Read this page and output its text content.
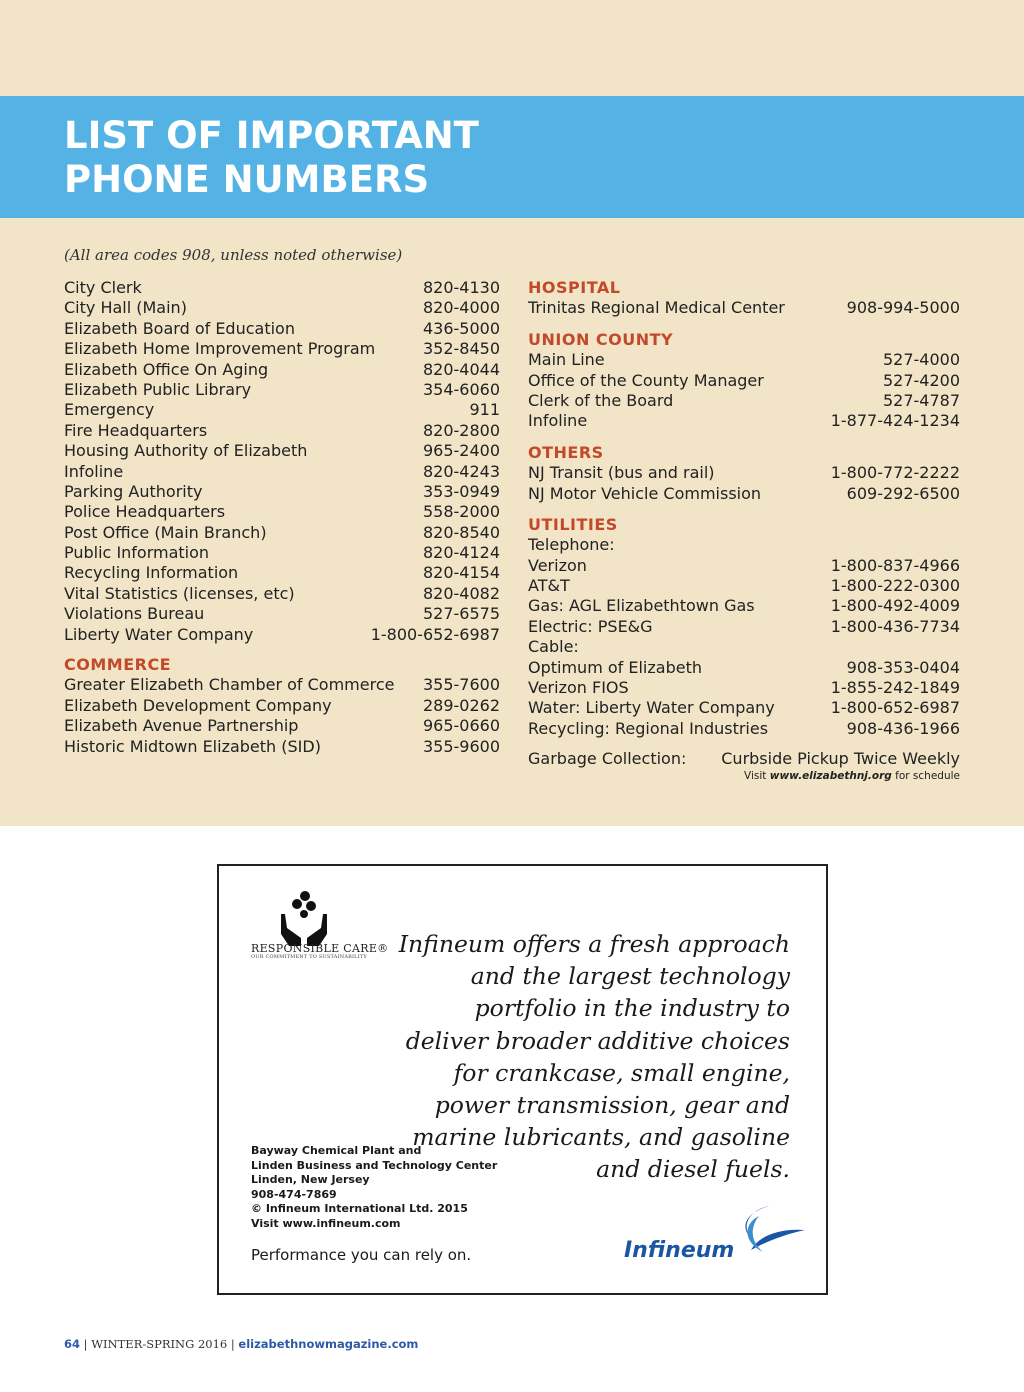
LIST OF IMPORTANT
PHONE NUMBERS
(All area codes 908, unless noted otherwise)
City Clerk	820-4130
City Hall (Main)	820-4000
Elizabeth Board of Education	436-5000
Elizabeth Home Improvement Program	352-8450
Elizabeth Office On Aging	820-4044
Elizabeth Public Library	354-6060
Emergency	911
Fire Headquarters	820-2800
Housing Authority of Elizabeth	965-2400
Infoline	820-4243
Parking Authority	353-0949
Police Headquarters	558-2000
Post Office (Main Branch)	820-8540
Public Information	820-4124
Recycling Information	820-4154
Vital Statistics (licenses, etc)	820-4082
Violations Bureau	527-6575
Liberty Water Company	1-800-652-6987
COMMERCE
Greater Elizabeth Chamber of Commerce 355-7600
Elizabeth Development Company	289-0262
Elizabeth Avenue Partnership	965-0660
Historic Midtown Elizabeth (SID)	355-9600
HOSPITAL
Trinitas Regional Medical Center	908-994-5000
UNION COUNTY
Main Line	527-4000
Office of the County Manager	527-4200
Clerk of the Board	527-4787
Infoline	1-877-424-1234
OTHERS
NJ Transit (bus and rail)	1-800-772-2222
NJ Motor Vehicle Commission	609-292-6500
UTILITIES
Telephone:
Verizon	1-800-837-4966
AT&T	1-800-222-0300
Gas: AGL Elizabethtown Gas	1-800-492-4009
Electric: PSE&G	1-800-436-7734
Cable:
Optimum of Elizabeth	908-353-0404
Verizon FIOS	1-855-242-1849
Water: Liberty Water Company	1-800-652-6987
Recycling: Regional Industries	908-436-1966
Garbage Collection: Curbside Pickup Twice Weekly
Visit www.elizabethnj.org for schedule
RESPONSIBLE CARE®
OUR COMMITMENT TO SUSTAINABILITY	Infineum offers a fresh approach and the largest technology portfolio in the industry to deliver broader additive choices for crankcase, small engine, power transmission, gear and marine lubricants, and gasoline and diesel fuels.
Bayway Chemical Plant and
Linden Business and Technology Center
Linden, New Jersey
908-474-7869
© Infineum International Ltd. 2015
Visit www.infineum.com
Performance you can rely on.	Infineum
64 | WINTER-SPRING 2016 | elizabethnowmagazine.com
